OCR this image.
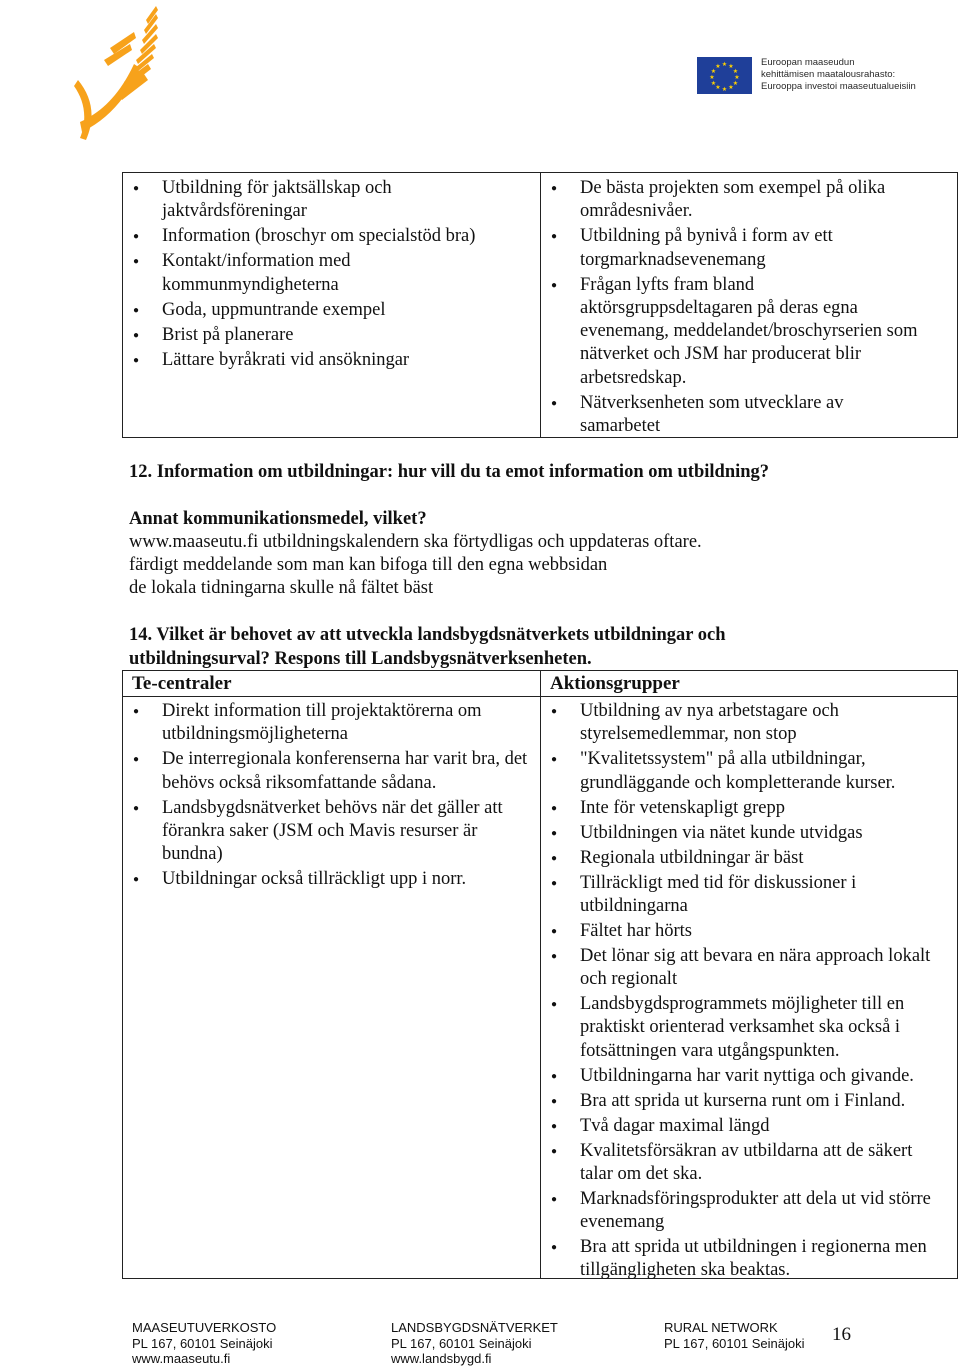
★ ★
★
★
★
★
★
★
★
★
★
★	Euroopan maaseudun
kehittämisen maatalousrahasto:
Eurooppa investoi maaseutualueisiin
● Utbildning för jaktsällskap och jaktvårdsföreningar
● Information (broschyr om specialstöd bra)
● Kontakt/information med kommunmyndigheterna
● Goda, uppmuntrande exempel
● Brist på planerare
● Lättare byråkrati vid ansökningar
● De bästa projekten som exempel på olika områdesnivåer.
● Utbildning på bynivå i form av ett torgmarknadsevenemang
● Frågan lyfts fram bland aktörsgruppsdeltagaren på deras egna evenemang, meddelandet/broschyrserien som nätverket och JSM har producerat blir arbetsredskap.
● Nätverksenheten som utvecklare av samarbetet
12. Information om utbildningar: hur vill du ta emot information om utbildning?
Annat kommunikationsmedel, vilket?
www.maaseutu.fi utbildningskalendern ska förtydligas och uppdateras oftare.
färdigt meddelande som man kan bifoga till den egna webbsidan
de lokala tidningarna skulle nå fältet bäst
14. Vilket är behovet av att utveckla landsbygdsnätverkets utbildningar och
utbildningsurval? Respons till Landsbygsnätverksenheten.
Te-centraler	Aktionsgrupper
● Direkt information till projektaktörerna om utbildningsmöjligheterna
● De interregionala konferenserna har varit bra, det behövs också riksomfattande sådana.
● Landsbygdsnätverket behövs när det gäller att förankra saker (JSM och Mavis resurser är bundna)
● Utbildningar också tillräckligt upp i norr.
● Utbildning av nya arbetstagare och styrelsemedlemmar, non stop
● "Kvalitetssystem" på alla utbildningar, grundläggande och kompletterande kurser.
● Inte för vetenskapligt grepp
● Utbildningen via nätet kunde utvidgas
● Regionala utbildningar är bäst
● Tillräckligt med tid för diskussioner i utbildningarna
● Fältet har hörts
● Det lönar sig att bevara en nära approach lokalt och regionalt
● Landsbygdsprogrammets möjligheter till en praktiskt orienterad verksamhet ska också i fotsättningen vara utgångspunkten.
● Utbildningarna har varit nyttiga och givande.
● Bra att sprida ut kurserna runt om i Finland.
● Två dagar maximal längd
● Kvalitetsförsäkran av utbildarna att de säkert talar om det ska.
● Marknadsföringsprodukter att dela ut vid större evenemang
● Bra att sprida ut utbildningen i regionerna men tillgängligheten ska beaktas.
MAASEUTUVERKOSTO
PL 167, 60101 Seinäjoki
www.maaseutu.fi
LANDSBYGDSNÄTVERKET
PL 167, 60101 Seinäjoki
www.landsbygd.fi
RURAL NETWORK
PL 167, 60101 Seinäjoki 16
